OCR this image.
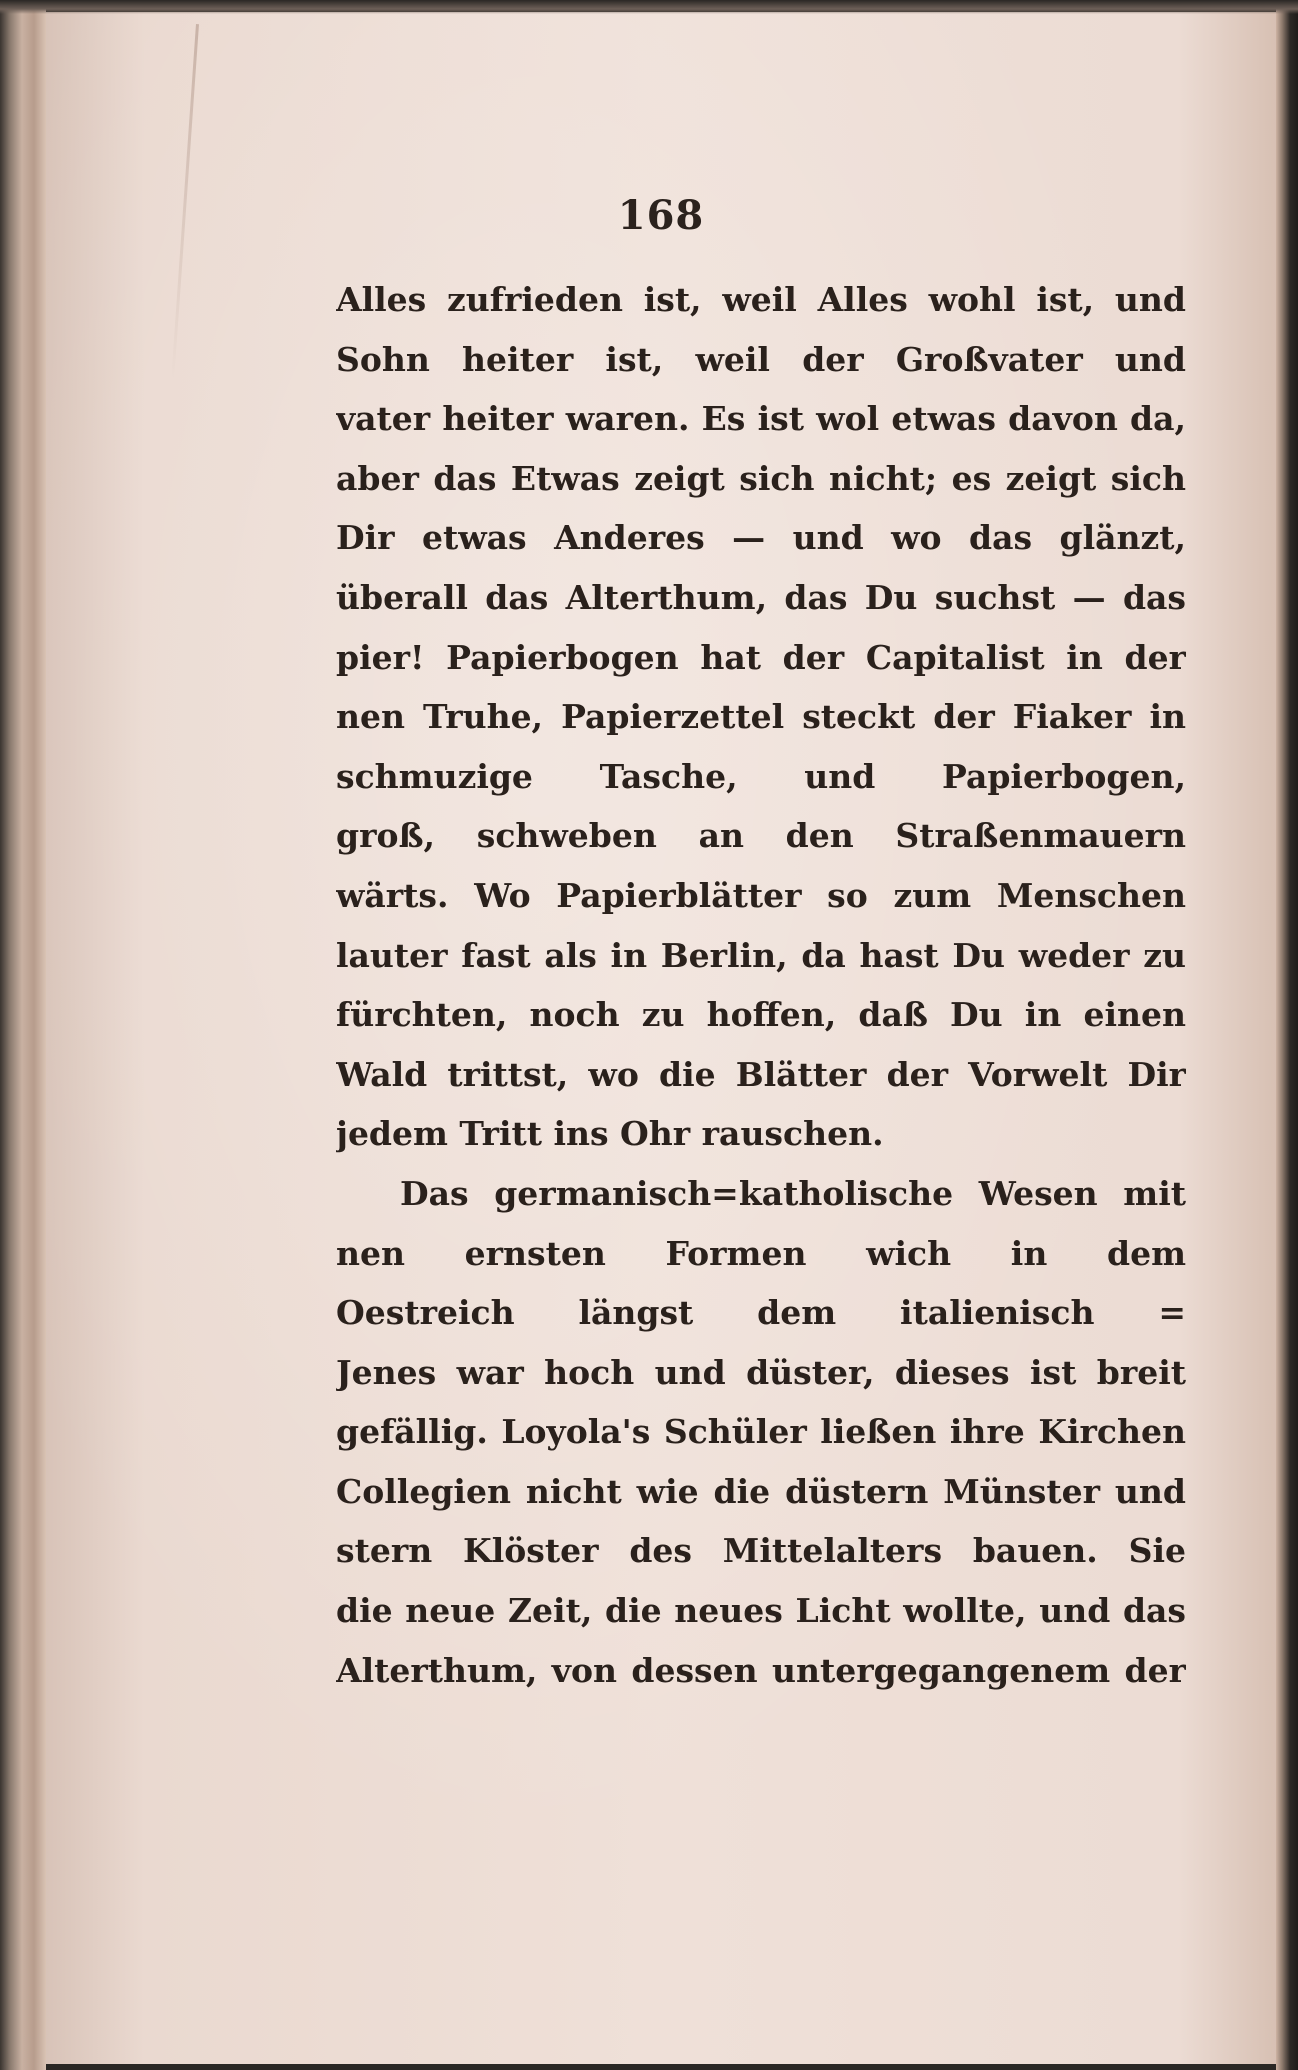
168
Alles zufrieden ist, weil Alles wohl ist, und
Sohn heiter ist, weil der Großvater und
vater heiter waren. Es ist wol etwas davon da,
aber das Etwas zeigt sich nicht; es zeigt sich
Dir etwas Anderes — und wo das glänzt,
überall das Alterthum, das Du suchst — das
pier! Papierbogen hat der Capitalist in der
nen Truhe, Papierzettel steckt der Fiaker in
schmuzige Tasche, und Papierbogen,
groß, schweben an den Straßenmauern
wärts. Wo Papierblätter so zum Menschen
lauter fast als in Berlin, da hast Du weder zu
fürchten, noch zu hoffen, daß Du in einen
Wald trittst, wo die Blätter der Vorwelt Dir
jedem Tritt ins Ohr rauschen.
Das germanisch=katholische Wesen mit
nen ernsten Formen wich in dem
Oestreich längst dem italienisch =
Jenes war hoch und düster, dieses ist breit
gefällig. Loyola's Schüler ließen ihre Kirchen
Collegien nicht wie die düstern Münster und
stern Klöster des Mittelalters bauen. Sie
die neue Zeit, die neues Licht wollte, und das
Alterthum, von dessen untergegangenem der
